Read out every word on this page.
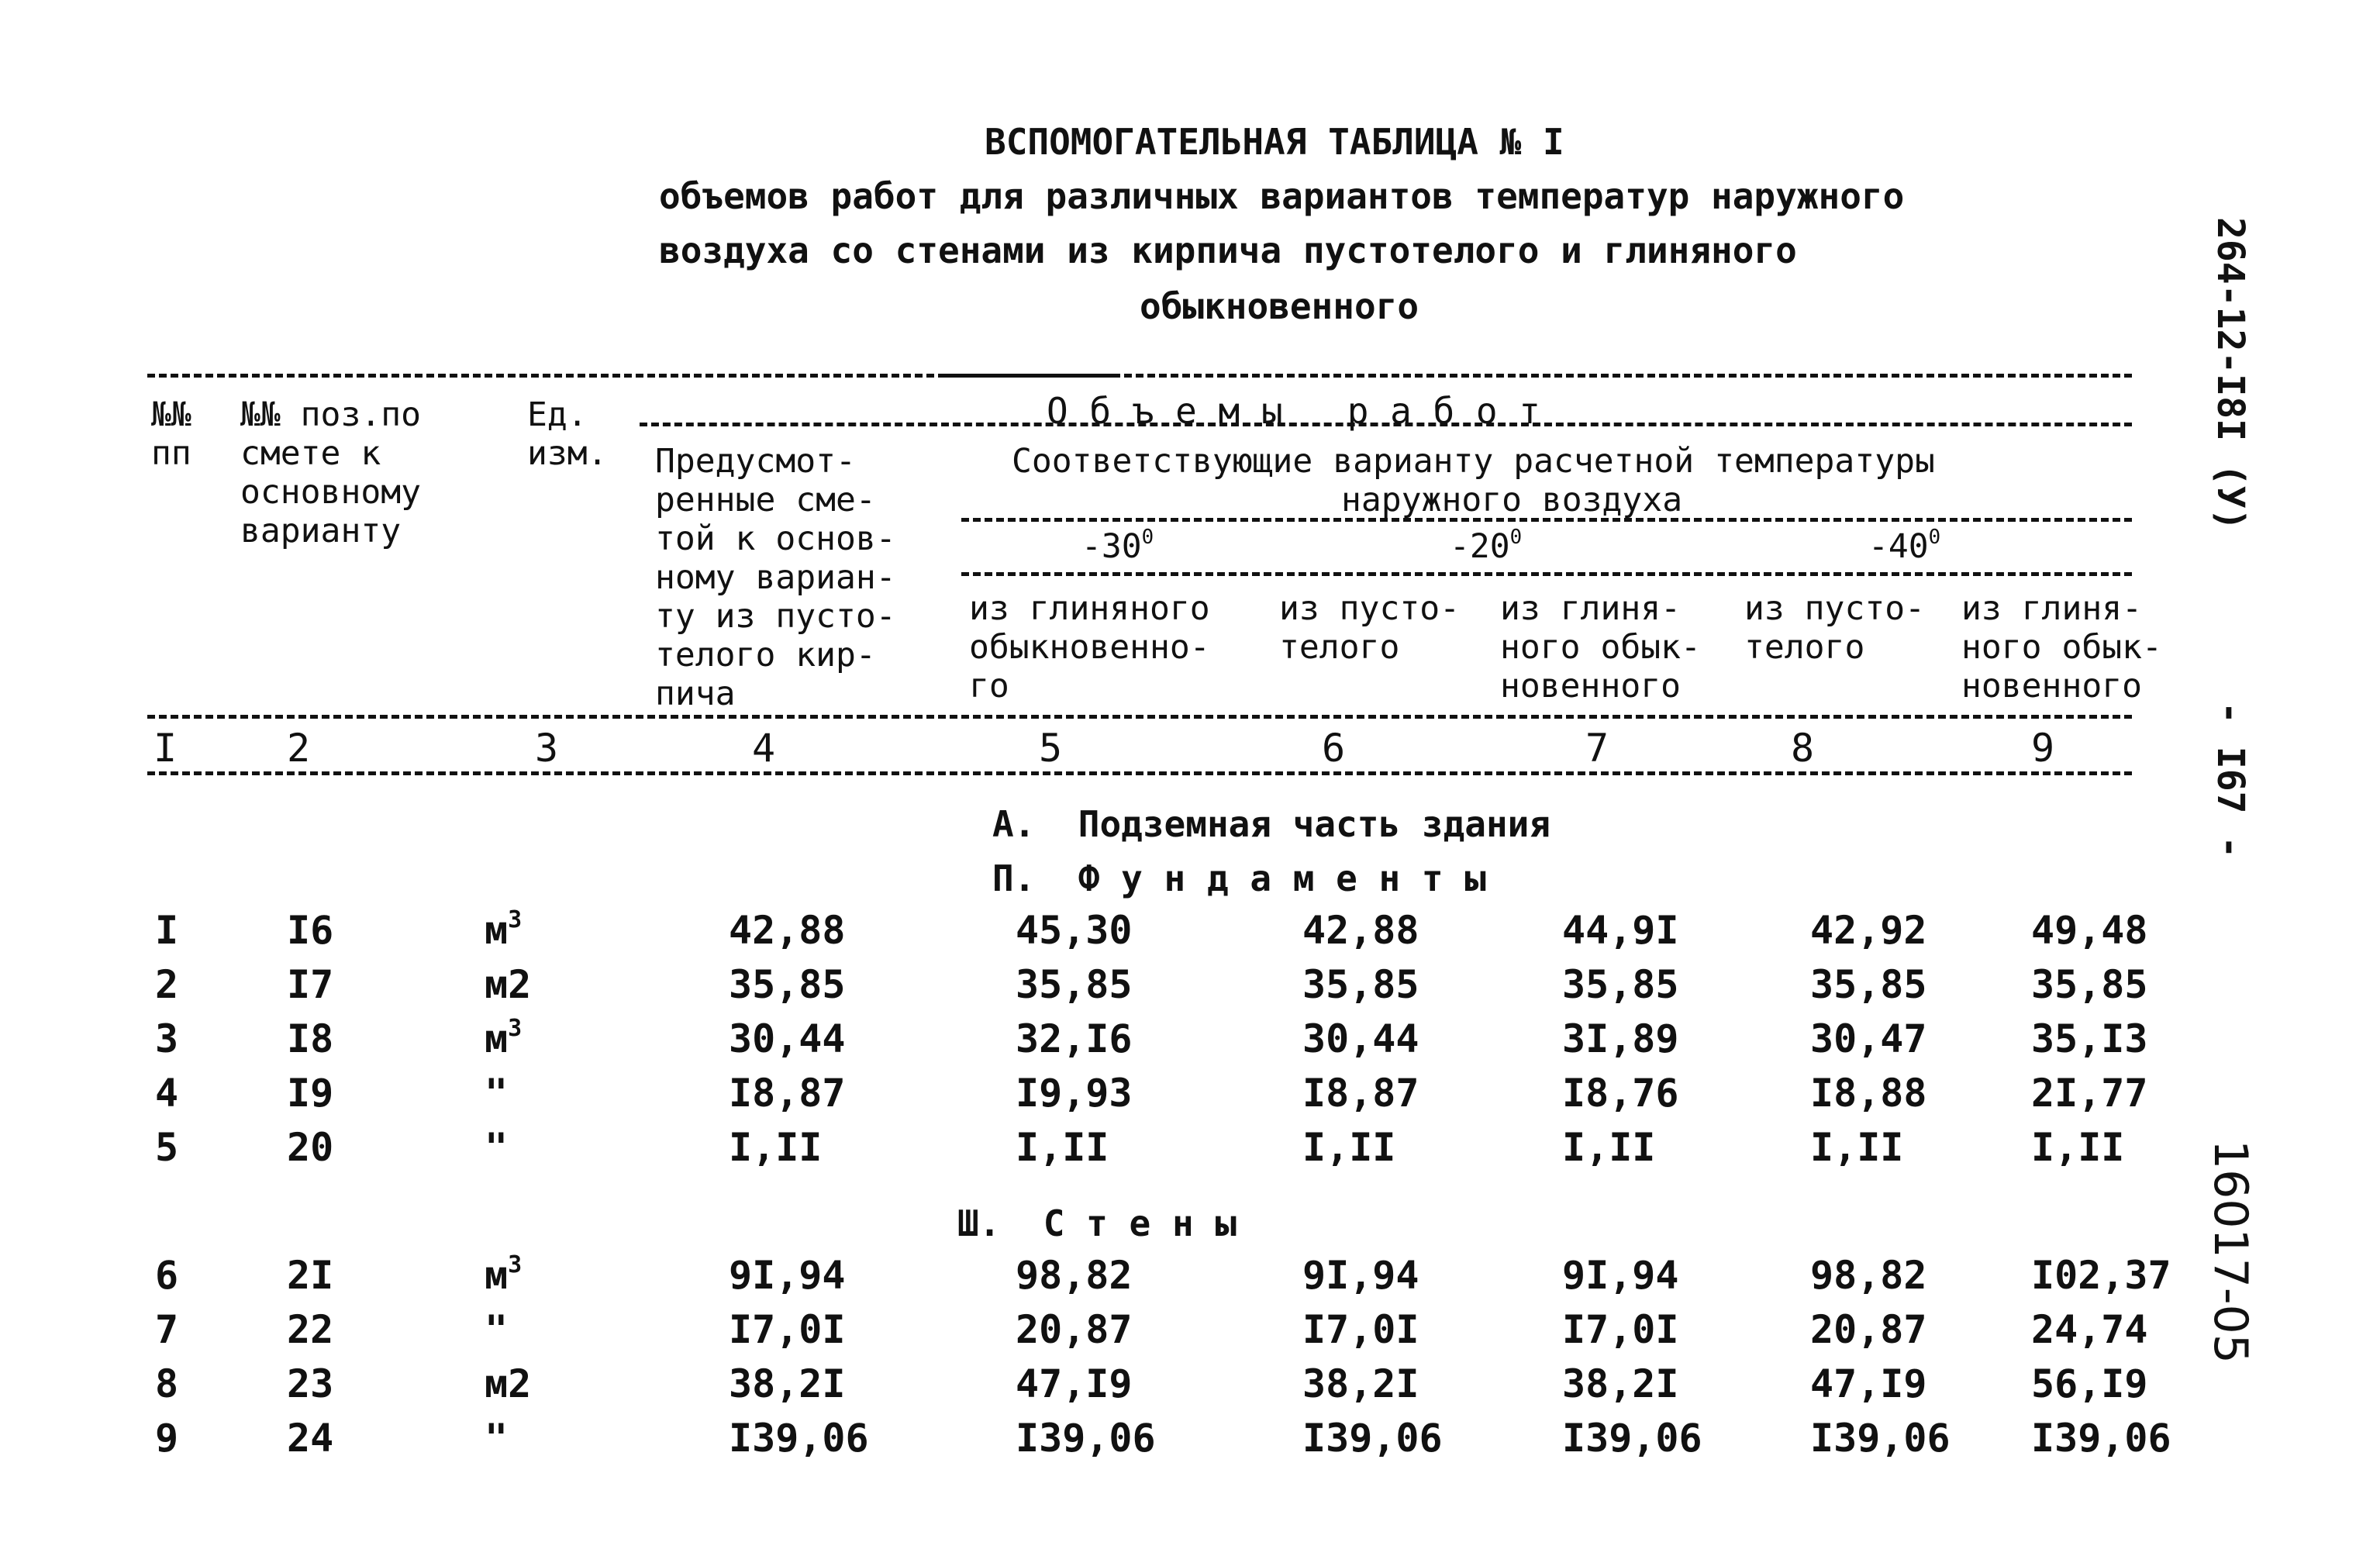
ВСПОМОГАТЕЛЬНАЯ ТАБЛИЦА № I
объемов работ для различных вариантов температур наружного
воздуха со стенами из кирпича пустотелого и глиняного
обыкновенного	264-12-I8I (У)
- I67 -
16017-05
№№
пп
№№ поз.по
смете к
основному
варианту
Ед.
изм.
О б ъ е м ы   р а б о т
Предусмот-
ренные сме-
той к основ-
ному вариан-
ту из пусто-
телого кир-
пича
Соответствующие варианту расчетной температуры
наружного воздуха
$-30^0$	$-20^0$	$-40^0$
из глиняного
обыкновенно-
го
из пусто-
телого
из глиня-
ного обык-
новенного
из пусто-
телого
из глиня-
ного обык-
новенного
I	2	3	4	5	6	7	8	9
А.  Подземная часть здания
П.  Ф у н д а м е н т ы
Ш.  С т е н ы
I	I6	$м^3$	42,88	45,30	42,88	44,9I	42,92	49,48
2	I7	м2	35,85	35,85	35,85	35,85	35,85	35,85
3	I8	$м^3$	30,44	32,I6	30,44	3I,89	30,47	35,I3
4	I9	"	I8,87	I9,93	I8,87	I8,76	I8,88	2I,77
5	20	"	I,II	I,II	I,II	I,II	I,II	I,II
6	2I	$м^3$	9I,94	98,82	9I,94	9I,94	98,82	I02,37
7	22	"	I7,0I	20,87	I7,0I	I7,0I	20,87	24,74
8	23	м2	38,2I	47,I9	38,2I	38,2I	47,I9	56,I9
9	24	"	I39,06	I39,06	I39,06	I39,06	I39,06 I39,06
